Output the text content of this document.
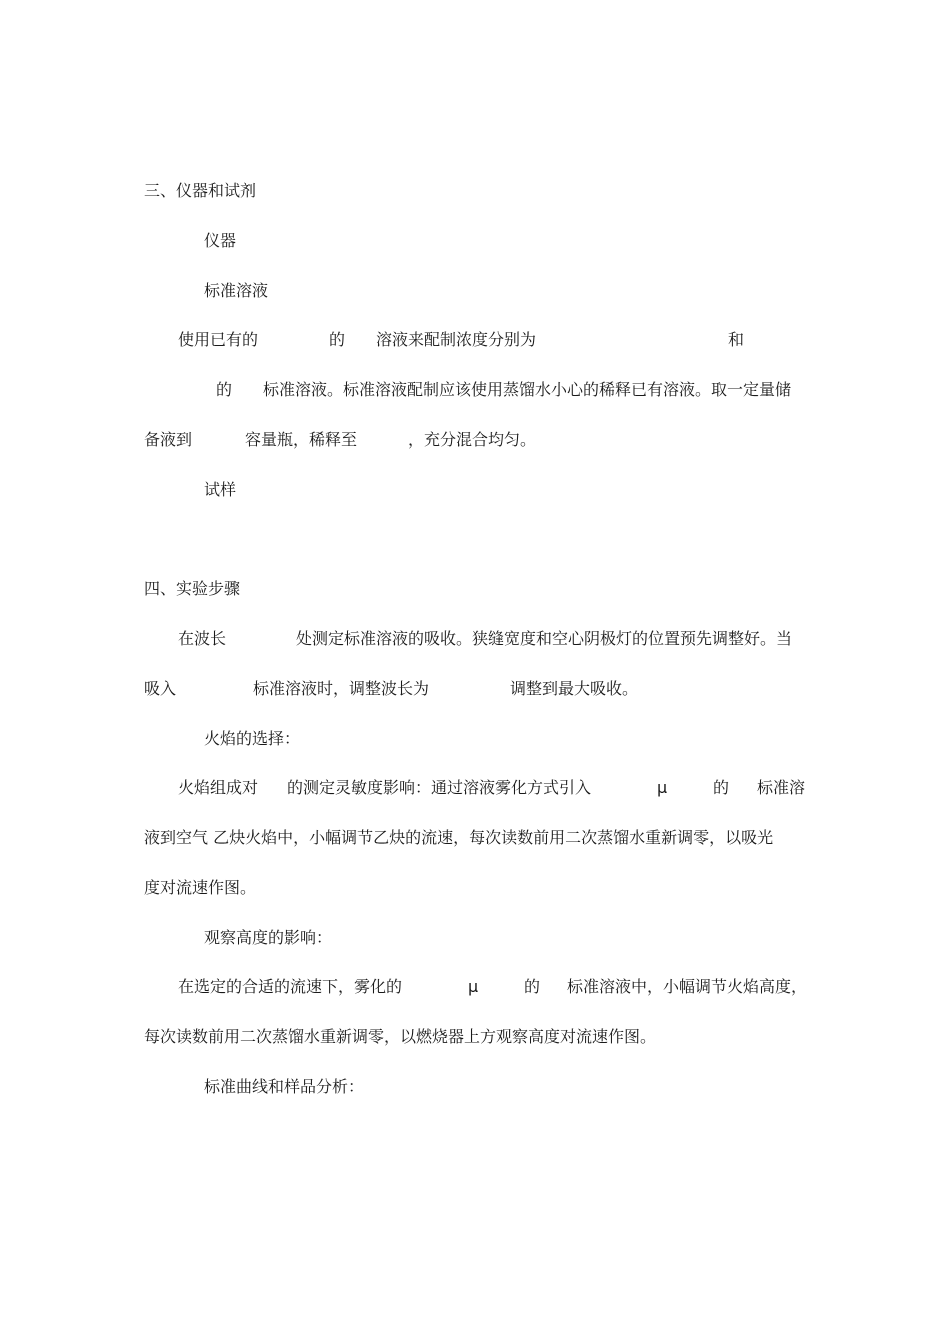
三、仪器和试剂
仪器
标准溶液
使用已有的	的 溶液来配制浓度分别为	和
的 标准溶液。标准溶液配制应该使用蒸馏水小心的稀释已有溶液。取一定量储
备液到	容量瓶，稀释至	，充分混合均匀。
试样
四、实验步骤
在波长	处测定标准溶液的吸收。狭缝宽度和空心阴极灯的位置预先调整好。当
吸入	标准溶液时，调整波长为	调整到最大吸收。
火焰的选择：
火焰组成对 的测定灵敏度影响：通过溶液雾化方式引入	μ	的 标准溶
液到空气 乙炔火焰中，小幅调节乙炔的流速，每次读数前用二次蒸馏水重新调零，以吸光
度对流速作图。
观察高度的影响：
在选定的合适的流速下，雾化的	μ	的 标准溶液中，小幅调节火焰高度，
每次读数前用二次蒸馏水重新调零，以燃烧器上方观察高度对流速作图。
标准曲线和样品分析：
